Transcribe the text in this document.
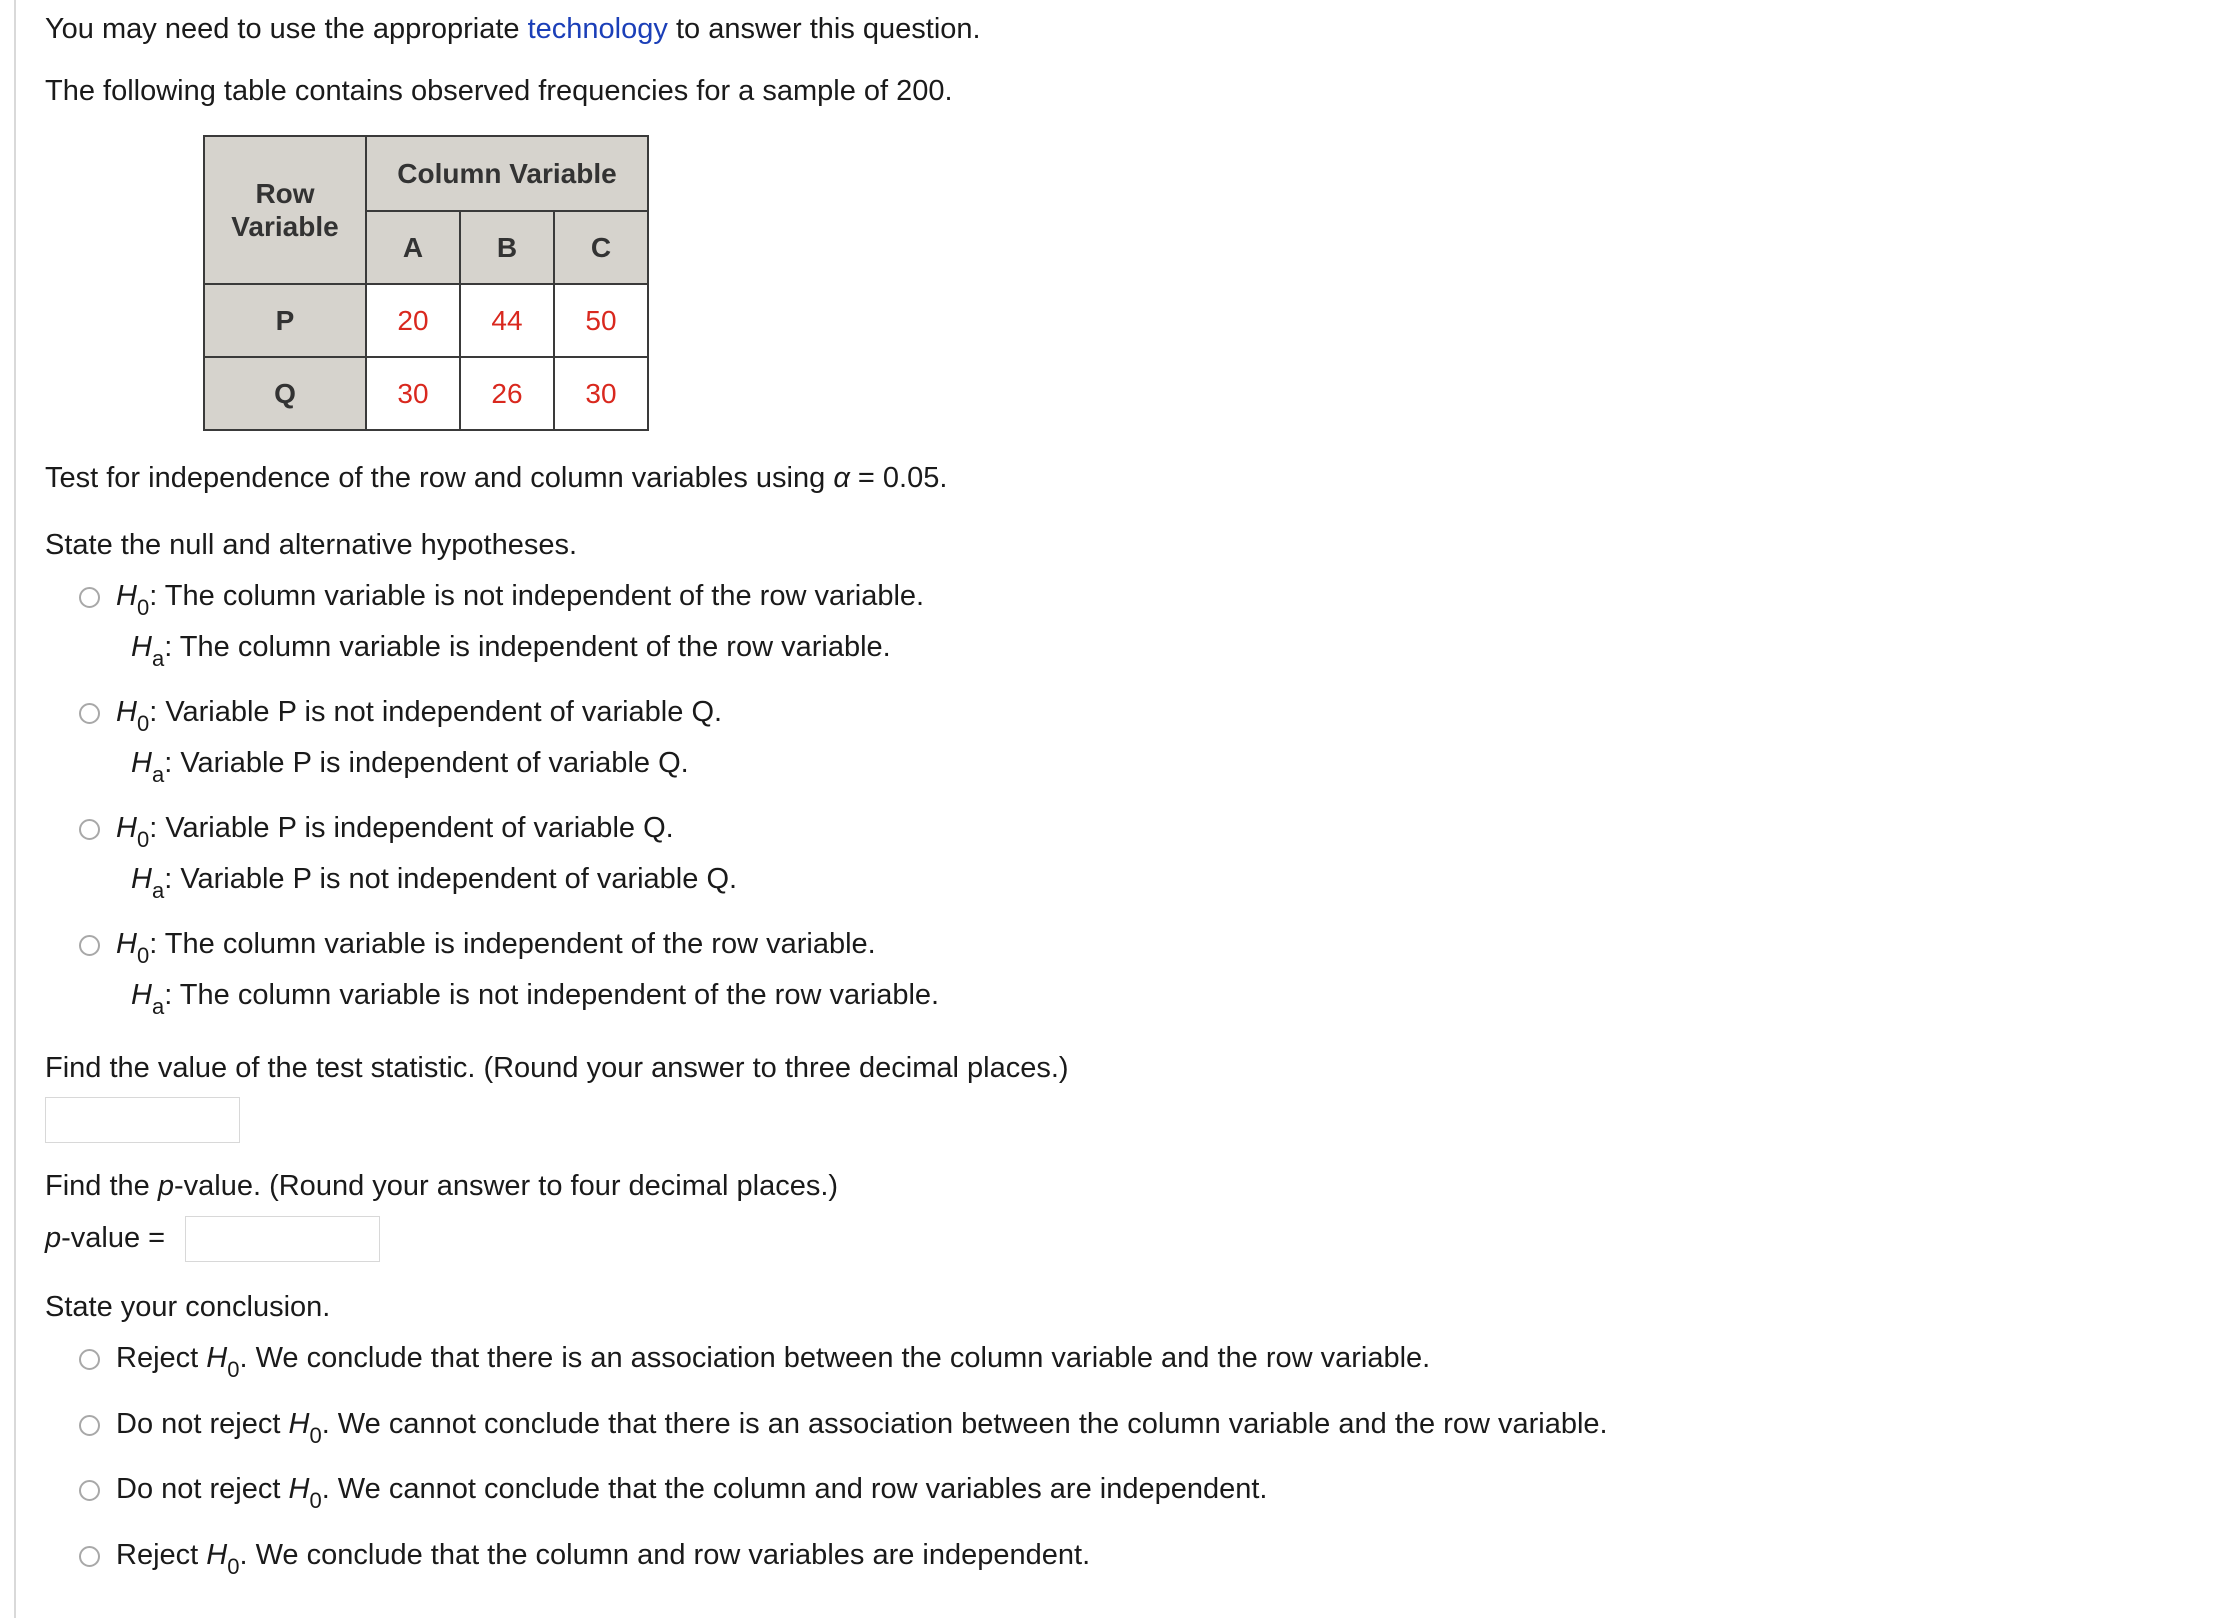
You may need to use the appropriate technology to answer this question.
The following table contains observed frequencies for a sample of 200.
Row
Variable	Column Variable		
	A	B	C
P	20	44	50
Q	30	26	30
Test for independence of the row and column variables using α = 0.05.
State the null and alternative hypotheses.
$H_0$: The column variable is not independent of the row variable.
$H_a$: The column variable is independent of the row variable.
$H_0$: Variable P is not independent of variable Q.
$H_a$: Variable P is independent of variable Q.
$H_0$: Variable P is independent of variable Q.
$H_a$: Variable P is not independent of variable Q.
$H_0$: The column variable is independent of the row variable.
$H_a$: The column variable is not independent of the row variable.
Find the value of the test statistic. (Round your answer to three decimal places.)
Find the p-value. (Round your answer to four decimal places.)
p-value =
State your conclusion.
Reject $H_0$. We conclude that there is an association between the column variable and the row variable.
Do not reject $H_0$. We cannot conclude that there is an association between the column variable and the row variable.
Do not reject $H_0$. We cannot conclude that the column and row variables are independent.
Reject $H_0$. We conclude that the column and row variables are independent.
